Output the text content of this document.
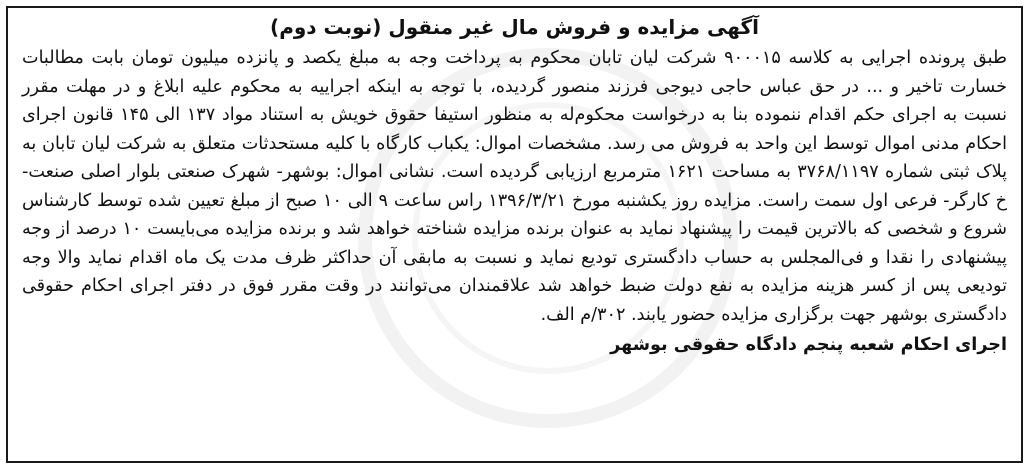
آگهی مزایده و فروش مال غیر منقول (نوبت دوم)

طبق پرونده اجرایی به کلاسه ۹۰۰۰۱۵ شرکت لیان تابان محکوم به پرداخت وجه به مبلغ یکصد و پانزده میلیون تومان بابت مطالبات خسارت تاخیر و ... در حق عباس حاجی دیوجی فرزند منصور گردیده، با توجه به اینکه اجراییه به محکوم علیه ابلاغ و در مهلت مقرر نسبت به اجرای حکم اقدام ننموده بنا به درخواست محکوم‌له به منظور استیفا حقوق خویش به استناد مواد ۱۳۷ الی ۱۴۵ قانون اجرای احکام مدنی اموال توسط این واحد به فروش می رسد. مشخصات اموال: یکباب کارگاه با کلیه مستحدثات متعلق به شرکت لیان تابان به پلاک ثبتی شماره ۳۷۶۸/۱۱۹۷ به مساحت ۱۶۲۱ مترمربع ارزیابی گردیده است. نشانی اموال: بوشهر- شهرک صنعتی بلوار اصلی صنعت- خ کارگر- فرعی اول سمت راست. مزایده روز یکشنبه مورخ ۱۳۹۶/۳/۲۱ راس ساعت ۹ الی ۱۰ صبح از مبلغ تعیین شده توسط کارشناس شروع و شخصی که بالاترین قیمت را پیشنهاد نماید به عنوان برنده مزایده شناخته خواهد شد و برنده مزایده می‌بایست ۱۰ درصد از وجه پیشنهادی را نقدا و فی‌المجلس به حساب دادگستری تودیع نماید و نسبت به مابقی آن حداکثر ظرف مدت یک ماه اقدام نماید والا وجه تودیعی پس از کسر هزینه مزایده به نفع دولت ضبط خواهد شد علاقمندان می‌توانند در وقت مقرر فوق در دفتر اجرای احکام حقوقی دادگستری بوشهر جهت برگزاری مزایده حضور یابند. ۳۰۲/م الف.

اجرای احکام شعبه پنجم دادگاه حقوقی بوشهر
